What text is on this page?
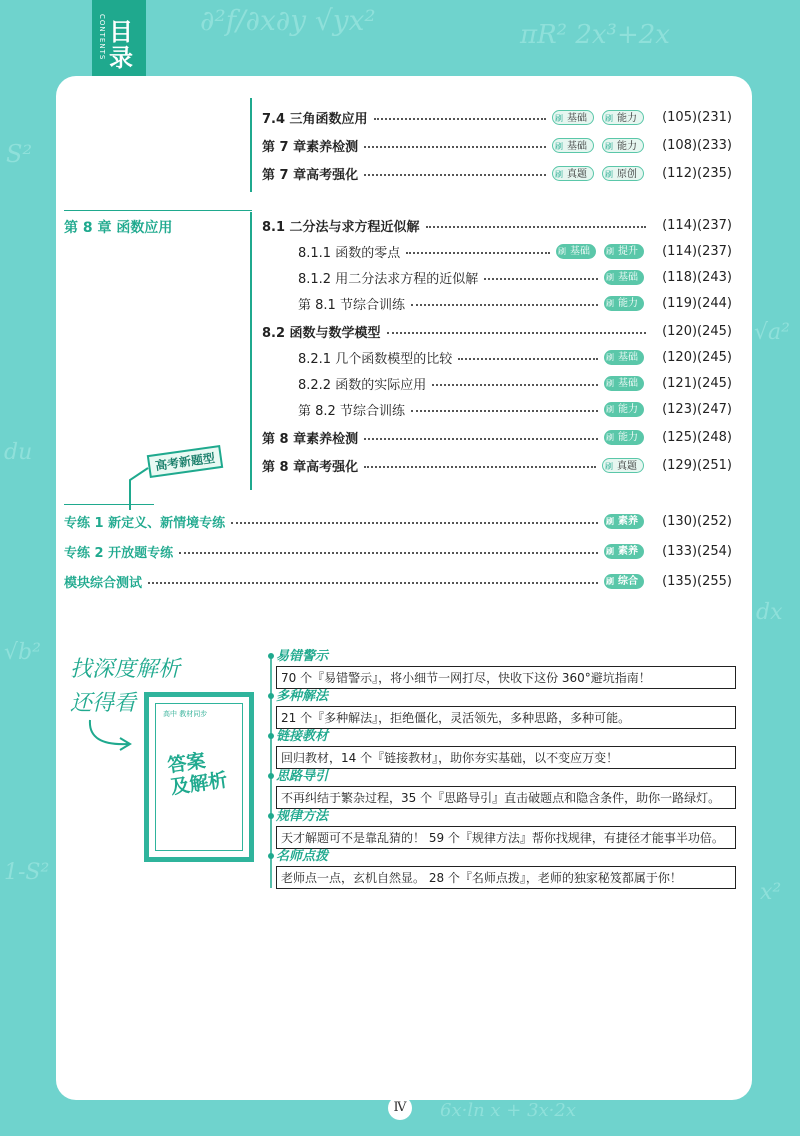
∂²f/∂x∂y √yx²	πR² 2x³+2x
S²
√a²
du
√b²
dx
1-S²
x²
6x·ln x + 3x·2x
CONTENTS
目录
7.4 三角函数应用	刷 基础	刷 能力	(105)(231)
第 7 章素养检测	刷 基础	刷 能力	(108)(233)
第 7 章高考强化	刷 真题	刷 原创	(112)(235)
第 8 章 函数应用	8.1 二分法与求方程近似解	(114)(237)
8.1.1 函数的零点	刷 基础	刷 提升	(114)(237)
8.1.2 用二分法求方程的近似解	刷 基础	(118)(243)
第 8.1 节综合训练	刷 能力	(119)(244)
8.2 函数与数学模型	(120)(245)
8.2.1 几个函数模型的比较	刷 基础	(120)(245)
8.2.2 函数的实际应用	刷 基础	(121)(245)
第 8.2 节综合训练	刷 能力	(123)(247)
第 8 章素养检测	刷 能力	(125)(248)
第 8 章高考强化	刷 真题	(129)(251)
专练 1 新定义、新情境专练	刷 素养	(130)(252)
专练 2 开放题专练	刷 素养	(133)(254)
模块综合测试	刷 综合	(135)(255)
高考新题型
找深度解析
还得看	高中 教材同步
答案
及解析
易错警示
70 个『易错警示』，将小细节一网打尽，快收下这份 360°避坑指南！
多种解法
21 个『多种解法』，拒绝僵化，灵活领先，多种思路，多种可能。
链接教材
回归教材，14 个『链接教材』，助你夯实基础，以不变应万变！
思路导引
不再纠结于繁杂过程，35 个『思路导引』直击破题点和隐含条件，助你一路绿灯。
规律方法
天才解题可不是靠乱猜的！ 59 个『规律方法』帮你找规律，有捷径才能事半功倍。
名师点拨
老师点一点，玄机自然显。 28 个『名师点拨』，老师的独家秘笈都属于你！
Ⅳ
